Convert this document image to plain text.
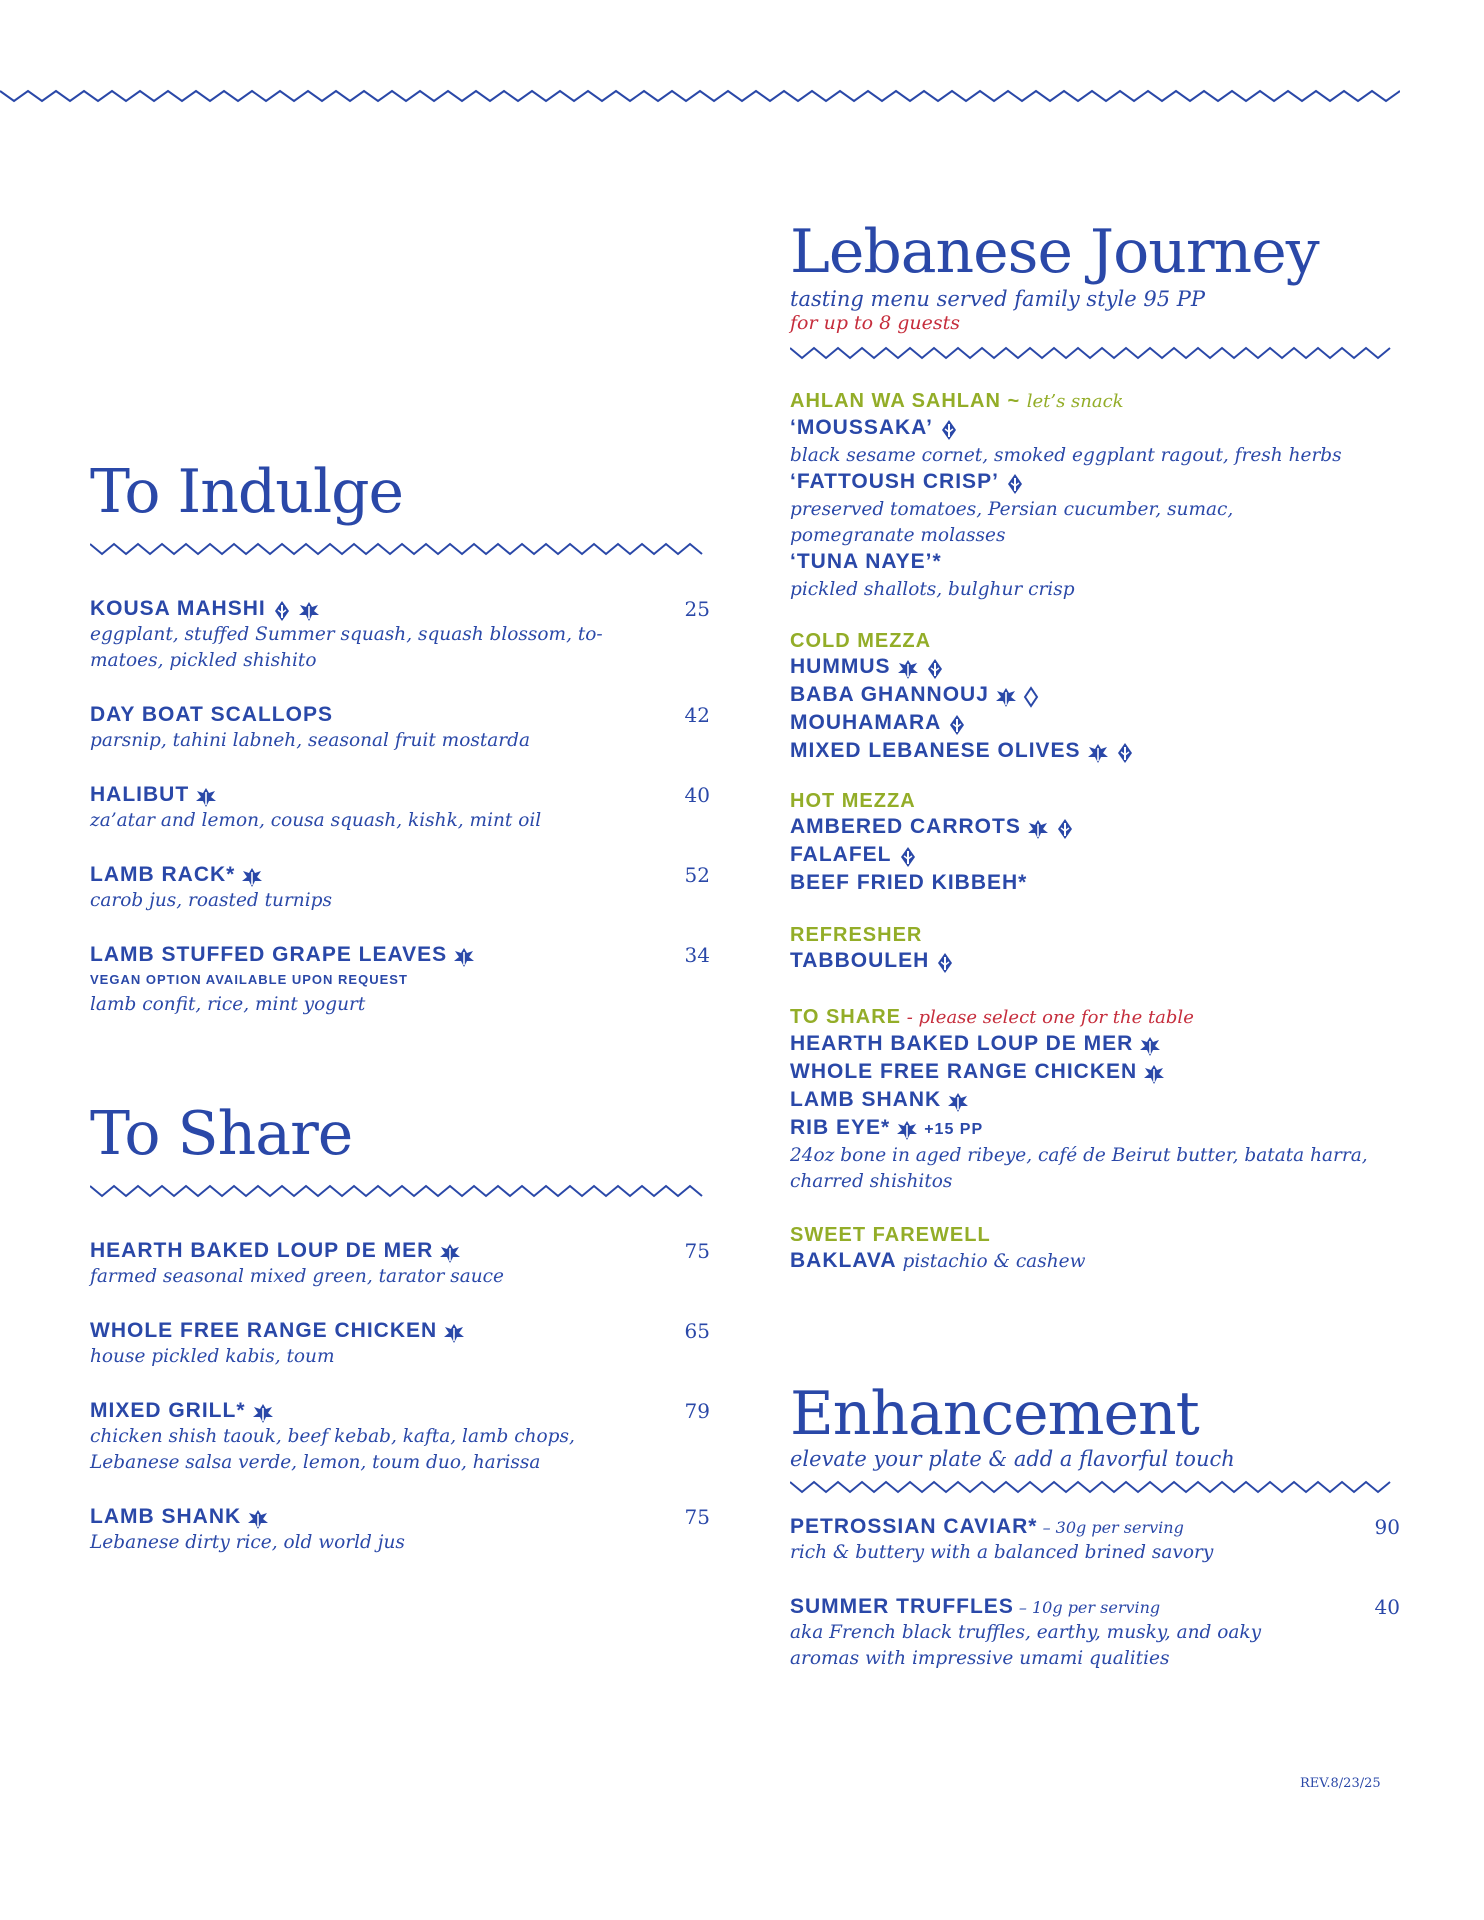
To Indulge
KOUSA MAHSHI	25

eggplant, stuffed Summer squash, squash blossom, to-

matoes, pickled shishito

DAY BOAT SCALLOPS	42

parsnip, tahini labneh, seasonal fruit mostarda

HALIBUT	40

za’atar and lemon, cousa squash, kishk, mint oil

LAMB RACK*	52

carob jus, roasted turnips

LAMB STUFFED GRAPE LEAVES	34

VEGAN OPTION AVAILABLE UPON REQUEST

lamb confit, rice, mint yogurt

To Share
HEARTH BAKED LOUP DE MER	75

farmed seasonal mixed green, tarator sauce

WHOLE FREE RANGE CHICKEN	65

house pickled kabis, toum

MIXED GRILL*	79

chicken shish taouk, beef kebab, kafta, lamb chops,

Lebanese salsa verde, lemon, toum duo, harissa

LAMB SHANK	75

Lebanese dirty rice, old world jus

Lebanese Journey

tasting menu served family style 95 PP

for up to 8 guests

AHLAN WA SAHLAN ~ let’s snack

‘MOUSSAKA’

black sesame cornet, smoked eggplant ragout, fresh herbs

‘FATTOUSH CRISP’

preserved tomatoes, Persian cucumber, sumac,

pomegranate molasses

‘TUNA NAYE’*

pickled shallots, bulghur crisp

COLD MEZZA

HUMMUS

BABA GHANNOUJ

MOUHAMARA

MIXED LEBANESE OLIVES

HOT MEZZA

AMBERED CARROTS

FALAFEL

BEEF FRIED KIBBEH*

REFRESHER

TABBOULEH

TO SHARE - please select one for the table

HEARTH BAKED LOUP DE MER

WHOLE FREE RANGE CHICKEN

LAMB SHANK

RIB EYE* +15 PP

24oz bone in aged ribeye, café de Beirut butter, batata harra,

charred shishitos

SWEET FAREWELL

BAKLAVA pistachio & cashew

Enhancement

elevate your plate & add a flavorful touch

PETROSSIAN CAVIAR* – 30g per serving	90

rich & buttery with a balanced brined savory

SUMMER TRUFFLES – 10g per serving	40

aka French black truffles, earthy, musky, and oaky

aromas with impressive umami qualities

REV.8/23/25
